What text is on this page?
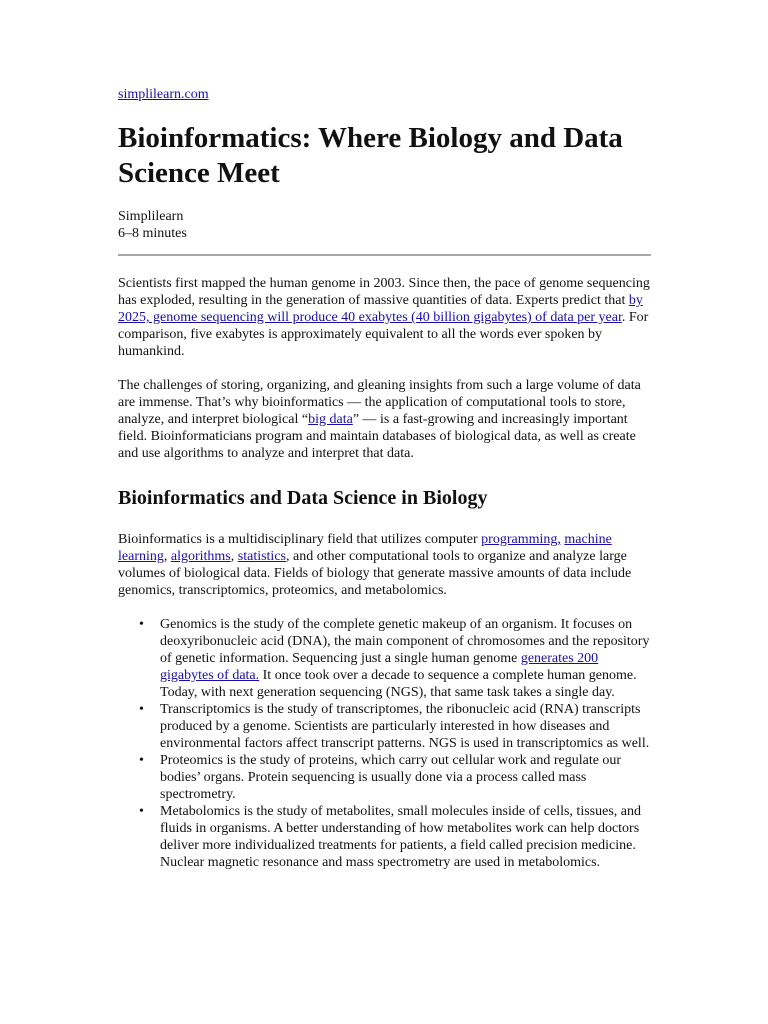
simplilearn.com
Bioinformatics: Where Biology and Data Science Meet
Simplilearn
6–8 minutes

Scientists first mapped the human genome in 2003. Since then, the pace of genome sequencing has exploded, resulting in the generation of massive quantities of data. Experts predict that by 2025, genome sequencing will produce 40 exabytes (40 billion gigabytes) of data per year. For comparison, five exabytes is approximately equivalent to all the words ever spoken by humankind.

The challenges of storing, organizing, and gleaning insights from such a large volume of data are immense. That’s why bioinformatics — the application of computational tools to store, analyze, and interpret biological “big data” — is a fast-growing and increasingly important field. Bioinformaticians program and maintain databases of biological data, as well as create and use algorithms to analyze and interpret that data.

Bioinformatics and Data Science in Biology

Bioinformatics is a multidisciplinary field that utilizes computer programming, machine learning, algorithms, statistics, and other computational tools to organize and analyze large volumes of biological data. Fields of biology that generate massive amounts of data include genomics, transcriptomics, proteomics, and metabolomics.

• Genomics is the study of the complete genetic makeup of an organism. It focuses on deoxyribonucleic acid (DNA), the main component of chromosomes and the repository of genetic information. Sequencing just a single human genome generates 200 gigabytes of data. It once took over a decade to sequence a complete human genome. Today, with next generation sequencing (NGS), that same task takes a single day.
• Transcriptomics is the study of transcriptomes, the ribonucleic acid (RNA) transcripts produced by a genome. Scientists are particularly interested in how diseases and environmental factors affect transcript patterns. NGS is used in transcriptomics as well.
• Proteomics is the study of proteins, which carry out cellular work and regulate our bodies’ organs. Protein sequencing is usually done via a process called mass spectrometry.
• Metabolomics is the study of metabolites, small molecules inside of cells, tissues, and fluids in organisms. A better understanding of how metabolites work can help doctors deliver more individualized treatments for patients, a field called precision medicine. Nuclear magnetic resonance and mass spectrometry are used in metabolomics.
